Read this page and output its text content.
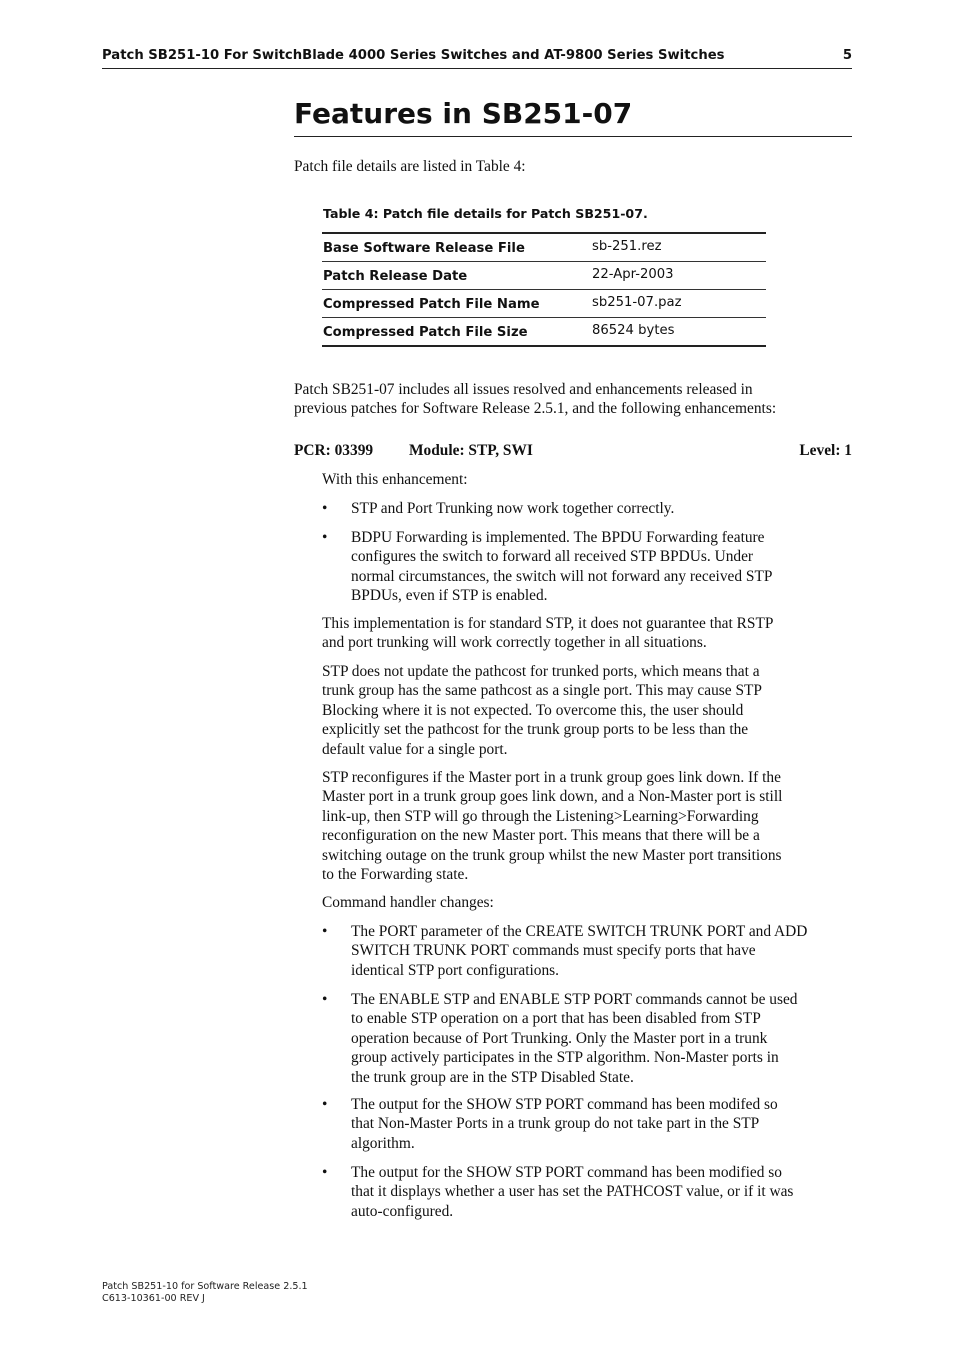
Patch SB251-10 For SwitchBlade 4000 Series Switches and AT-9800 Series Switches	5
Features in SB251-07
Patch file details are listed in Table 4:
Table 4: Patch file details for Patch SB251-07.
Base Software Release File	sb-251.rez
Patch Release Date	22-Apr-2003
Compressed Patch File Name	sb251-07.paz
Compressed Patch File Size	86524 bytes
Patch SB251-07 includes all issues resolved and enhancements released in
previous patches for Software Release 2.5.1, and the following enhancements:
PCR: 03399 Module: STP, SWI	Level: 1
With this enhancement:
• STP and Port Trunking now work together correctly.
• BDPU Forwarding is implemented. The BPDU Forwarding feature
configures the switch to forward all received STP BPDUs. Under
normal circumstances, the switch will not forward any received STP
BPDUs, even if STP is enabled.
This implementation is for standard STP, it does not guarantee that RSTP
and port trunking will work correctly together in all situations.
STP does not update the pathcost for trunked ports, which means that a
trunk group has the same pathcost as a single port. This may cause STP
Blocking where it is not expected. To overcome this, the user should
explicitly set the pathcost for the trunk group ports to be less than the
default value for a single port.
STP reconfigures if the Master port in a trunk group goes link down. If the
Master port in a trunk group goes link down, and a Non-Master port is still
link-up, then STP will go through the Listening>Learning>Forwarding
reconfiguration on the new Master port. This means that there will be a
switching outage on the trunk group whilst the new Master port transitions
to the Forwarding state.
Command handler changes:
• The PORT parameter of the CREATE SWITCH TRUNK PORT and ADD
SWITCH TRUNK PORT commands must specify ports that have
identical STP port configurations.
• The ENABLE STP and ENABLE STP PORT commands cannot be used
to enable STP operation on a port that has been disabled from STP
operation because of Port Trunking. Only the Master port in a trunk
group actively participates in the STP algorithm. Non-Master ports in
the trunk group are in the STP Disabled State.
• The output for the SHOW STP PORT command has been modifed so
that Non-Master Ports in a trunk group do not take part in the STP
algorithm.
• The output for the SHOW STP PORT command has been modified so
that it displays whether a user has set the PATHCOST value, or if it was
auto-configured.
Patch SB251-10 for Software Release 2.5.1
C613-10361-00 REV J
